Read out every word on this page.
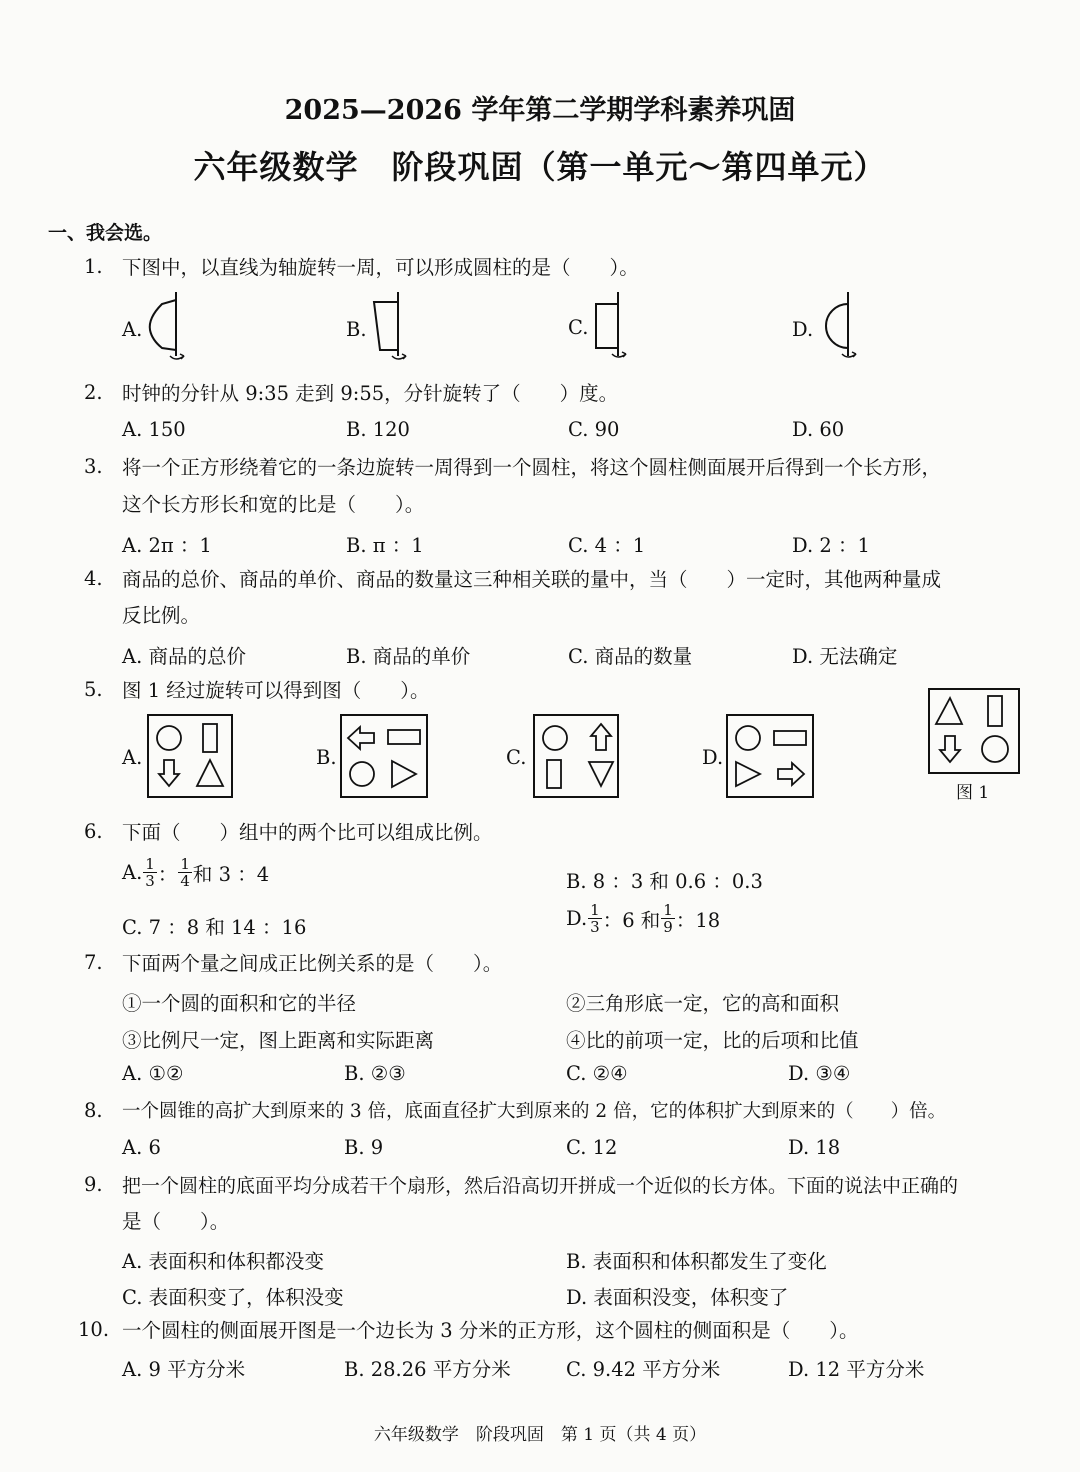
2025—2026 学年第二学期学科素养巩固
六年级数学　阶段巩固（第一单元～第四单元）
一、我会选。
1. 下图中，以直线为轴旋转一周，可以形成圆柱的是（　　）。
A.	B.	C.	D.
2. 时钟的分针从 9:35 走到 9:55，分针旋转了（　　）度。
A. 150	B. 120	C. 90	D. 60
3. 将一个正方形绕着它的一条边旋转一周得到一个圆柱，将这个圆柱侧面展开后得到一个长方形，
这个长方形长和宽的比是（　　）。
A. 2π ：1	B. π ：1	C. 4 ：1	D. 2 ：1
4. 商品的总价、商品的单价、商品的数量这三种相关联的量中，当（　　）一定时，其他两种量成
反比例。
A. 商品的总价	B. 商品的单价	C. 商品的数量	D. 无法确定
5. 图 1 经过旋转可以得到图（　　）。
A.	B.	C.	D.
图 1
6. 下面（　　）组中的两个比可以组成比例。
A. $\frac{1}{3}$ ： $\frac{1}{4}$ 和 3 ：4	B. 8 ：3 和 0.6 ：0.3
C. 7 ：8 和 14 ：16	D. $\frac{1}{3}$ ：6 和 $\frac{1}{9}$ ：18
7. 下面两个量之间成正比例关系的是（　　）。
①一个圆的面积和它的半径	②三角形底一定，它的高和面积
③比例尺一定，图上距离和实际距离	④比的前项一定，比的后项和比值
A. ①②	B. ②③	C. ②④	D. ③④
8. 一个圆锥的高扩大到原来的 3 倍，底面直径扩大到原来的 2 倍，它的体积扩大到原来的（　　）倍。
A. 6	B. 9	C. 12	D. 18
9. 把一个圆柱的底面平均分成若干个扇形，然后沿高切开拼成一个近似的长方体。下面的说法中正确的
是（　　）。
A. 表面积和体积都没变	B. 表面积和体积都发生了变化
C. 表面积变了，体积没变	D. 表面积没变，体积变了
10. 一个圆柱的侧面展开图是一个边长为 3 分米的正方形，这个圆柱的侧面积是（　　）。
A. 9 平方分米	B. 28.26 平方分米	C. 9.42 平方分米	D. 12 平方分米
六年级数学　阶段巩固　第 1 页（共 4 页）
